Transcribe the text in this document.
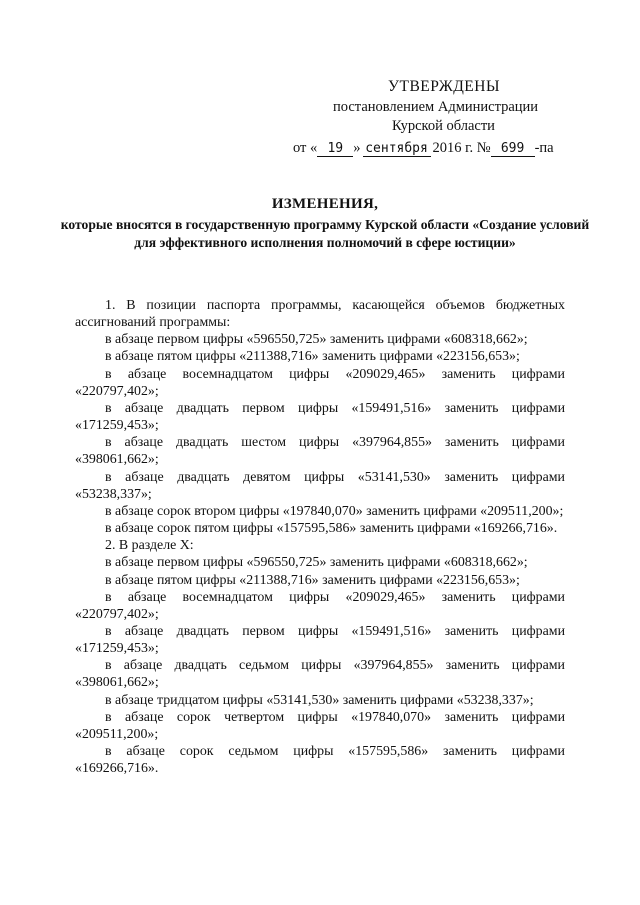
УТВЕРЖДЕНЫ
постановлением Администрации
Курской области
от « 19 » сентября 2016 г. № 699 -па
ИЗМЕНЕНИЯ,
которые вносятся в государственную программу Курской области «Создание условий для эффективного исполнения полномочий в сфере юстиции»

1. В позиции паспорта программы, касающейся объемов бюджетных ассигнований программы:

в абзаце первом цифры «596550,725» заменить цифрами «608318,662»;

в абзаце пятом цифры «211388,716» заменить цифрами «223156,653»;

в абзаце восемнадцатом цифры «209029,465» заменить цифрами «220797,402»;

в абзаце двадцать первом цифры «159491,516» заменить цифрами «171259,453»;

в абзаце двадцать шестом цифры «397964,855» заменить цифрами «398061,662»;

в абзаце двадцать девятом цифры «53141,530» заменить цифрами «53238,337»;

в абзаце сорок втором цифры «197840,070» заменить цифрами «209511,200»;

в абзаце сорок пятом цифры «157595,586» заменить цифрами «169266,716».

2. В разделе X:

в абзаце первом цифры «596550,725» заменить цифрами «608318,662»;

в абзаце пятом цифры «211388,716» заменить цифрами «223156,653»;

в абзаце восемнадцатом цифры «209029,465» заменить цифрами «220797,402»;

в абзаце двадцать первом цифры «159491,516» заменить цифрами «171259,453»;

в абзаце двадцать седьмом цифры «397964,855» заменить цифрами «398061,662»;

в абзаце тридцатом цифры «53141,530» заменить цифрами «53238,337»;

в абзаце сорок четвертом цифры «197840,070» заменить цифрами «209511,200»;

в абзаце сорок седьмом цифры «157595,586» заменить цифрами «169266,716».
